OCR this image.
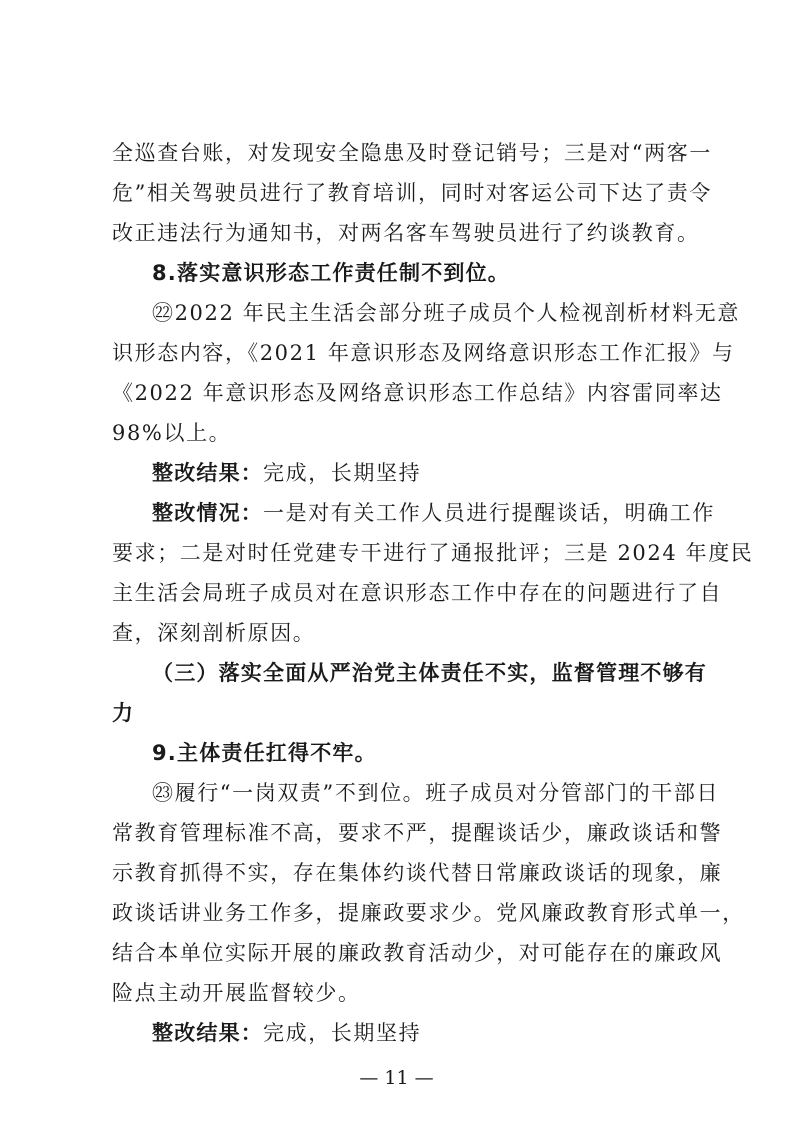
全巡查台账，对发现安全隐患及时登记销号；三是对“两客一
危”相关驾驶员进行了教育培训，同时对客运公司下达了责令
改正违法行为通知书，对两名客车驾驶员进行了约谈教育。
8.落实意识形态工作责任制不到位。
㉒2022 年民主生活会部分班子成员个人检视剖析材料无意
识形态内容，《2021 年意识形态及网络意识形态工作汇报》与
《2022 年意识形态及网络意识形态工作总结》内容雷同率达
98%以上。
整改结果：完成，长期坚持
整改情况：一是对有关工作人员进行提醒谈话，明确工作
要求；二是对时任党建专干进行了通报批评；三是 2024 年度民
主生活会局班子成员对在意识形态工作中存在的问题进行了自
查，深刻剖析原因。
（三）落实全面从严治党主体责任不实，监督管理不够有
力
9.主体责任扛得不牢。
㉓履行“一岗双责”不到位。班子成员对分管部门的干部日
常教育管理标准不高，要求不严，提醒谈话少，廉政谈话和警
示教育抓得不实，存在集体约谈代替日常廉政谈话的现象，廉
政谈话讲业务工作多，提廉政要求少。党风廉政教育形式单一，
结合本单位实际开展的廉政教育活动少，对可能存在的廉政风
险点主动开展监督较少。
整改结果：完成，长期坚持
— 11 —
